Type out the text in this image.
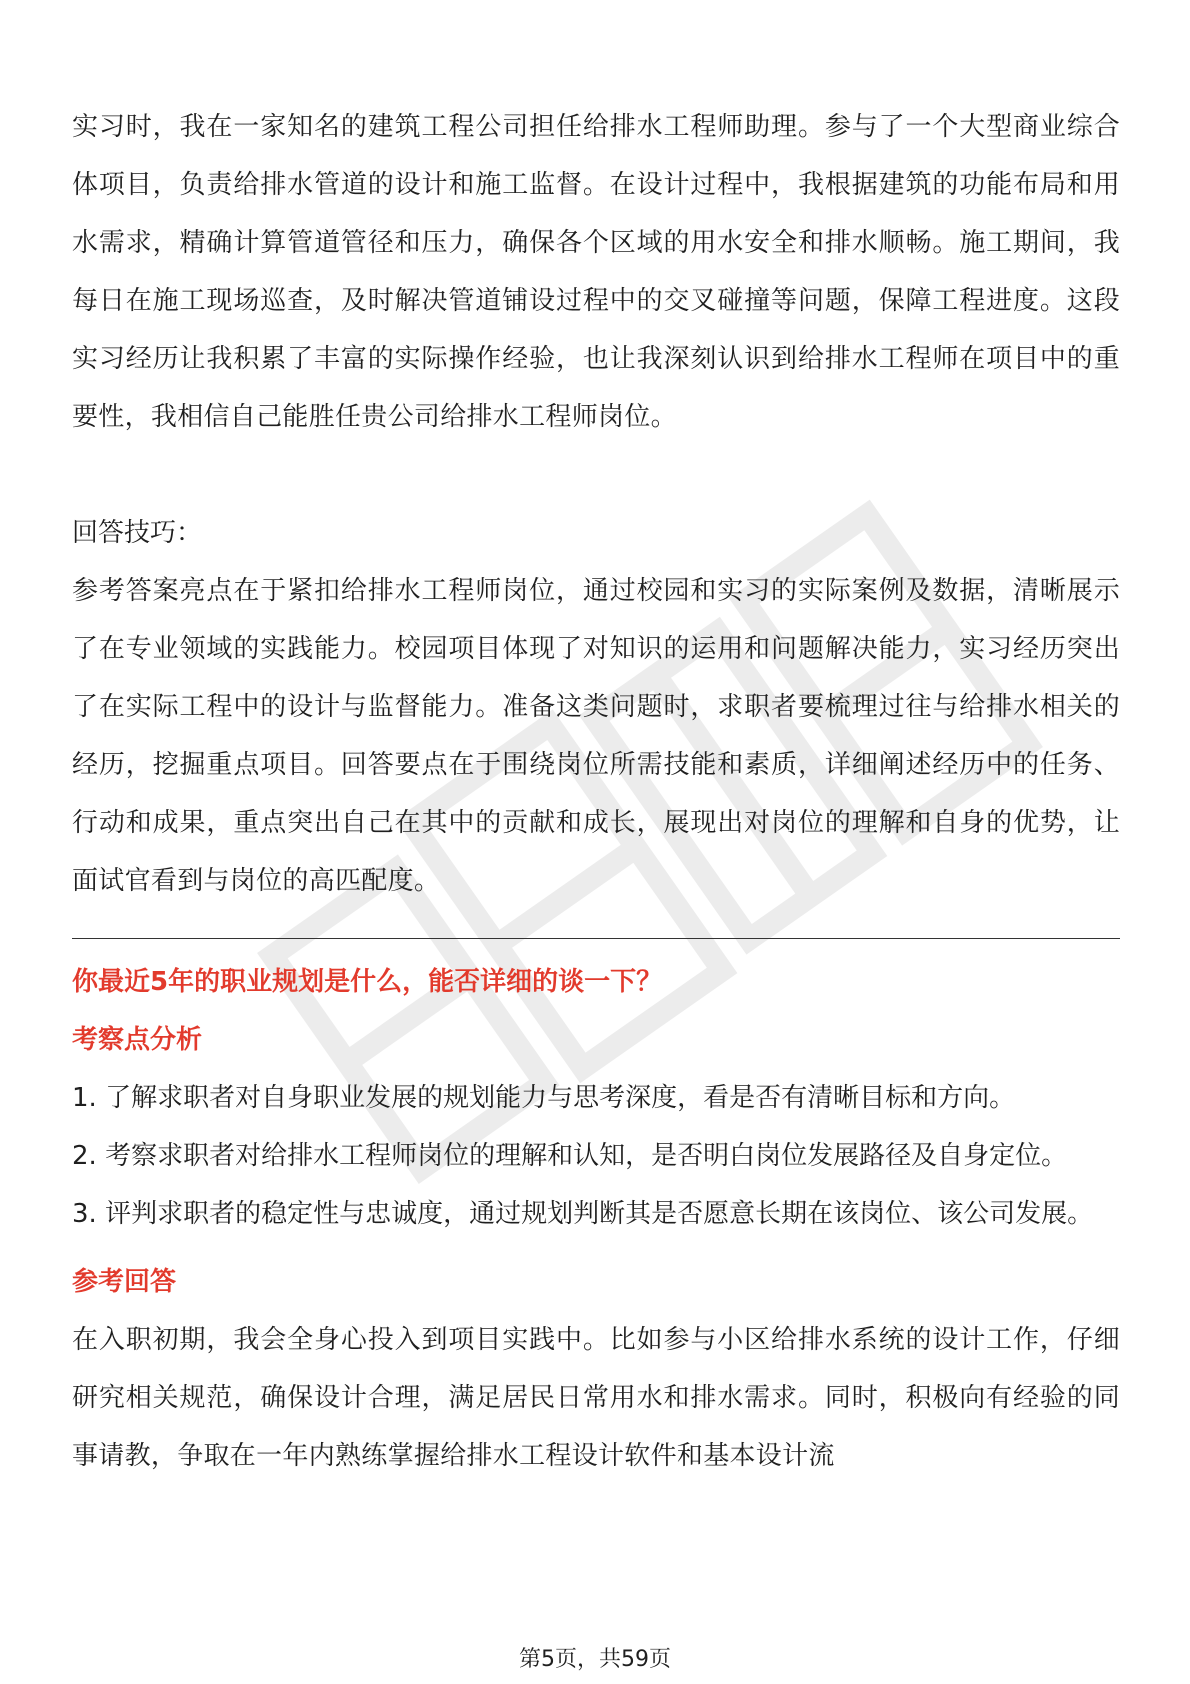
实习时，我在一家知名的建筑工程公司担任给排水工程师助理。参与了一个大型商业综合体项目，负责给排水管道的设计和施工监督。在设计过程中，我根据建筑的功能布局和用水需求，精确计算管道管径和压力，确保各个区域的用水安全和排水顺畅。施工期间，我每日在施工现场巡查，及时解决管道铺设过程中的交叉碰撞等问题，保障工程进度。这段实习经历让我积累了丰富的实际操作经验，也让我深刻认识到给排水工程师在项目中的重要性，我相信自己能胜任贵公司给排水工程师岗位。

回答技巧：

参考答案亮点在于紧扣给排水工程师岗位，通过校园和实习的实际案例及数据，清晰展示了在专业领域的实践能力。校园项目体现了对知识的运用和问题解决能力，实习经历突出了在实际工程中的设计与监督能力。准备这类问题时，求职者要梳理过往与给排水相关的经历，挖掘重点项目。回答要点在于围绕岗位所需技能和素质，详细阐述经历中的任务、行动和成果，重点突出自己在其中的贡献和成长，展现出对岗位的理解和自身的优势，让面试官看到与岗位的高匹配度。

你最近5年的职业规划是什么，能否详细的谈一下？

考察点分析

1. 了解求职者对自身职业发展的规划能力与思考深度，看是否有清晰目标和方向。

2. 考察求职者对给排水工程师岗位的理解和认知，是否明白岗位发展路径及自身定位。

3. 评判求职者的稳定性与忠诚度，通过规划判断其是否愿意长期在该岗位、该公司发展。

参考回答

在入职初期，我会全身心投入到项目实践中。比如参与小区给排水系统的设计工作，仔细研究相关规范，确保设计合理，满足居民日常用水和排水需求。同时，积极向有经验的同事请教，争取在一年内熟练掌握给排水工程设计软件和基本设计流

第5页，共59页
